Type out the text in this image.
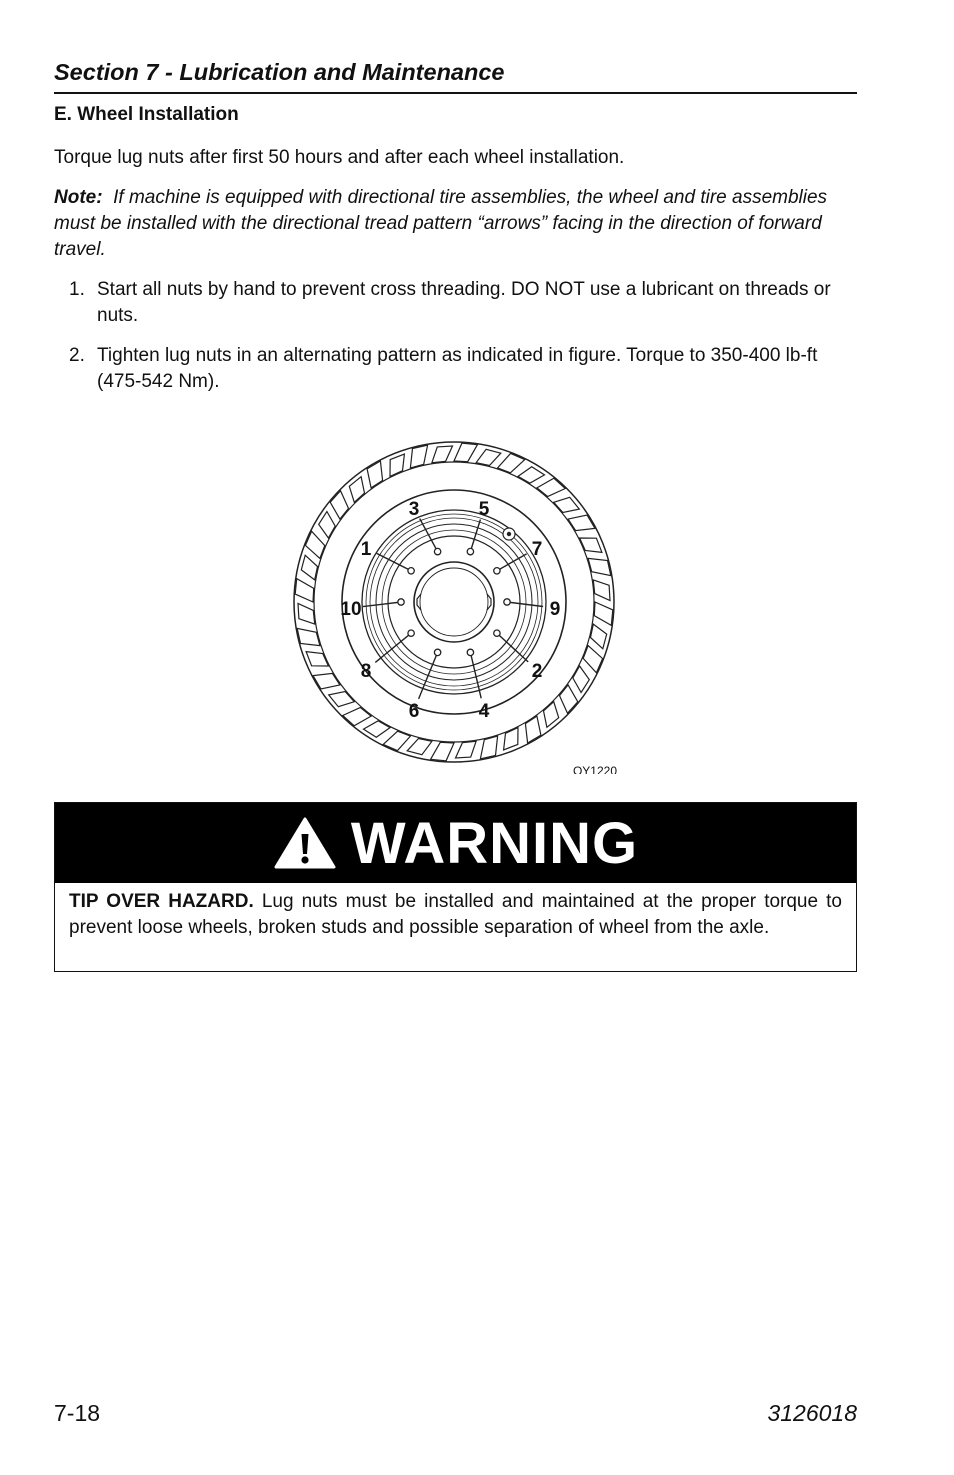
Section 7 - Lubrication and Maintenance
E. Wheel Installation
Torque lug nuts after first 50 hours and after each wheel installation.
Note: If machine is equipped with directional tire assemblies, the wheel and tire assemblies must be installed with the directional tread pattern “arrows” facing in the direction of forward travel.
1. Start all nuts by hand to prevent cross threading. DO NOT use a lubricant on threads or nuts.
2. Tighten lug nuts in an alternating pattern as indicated in figure. Torque to 350-400 lb-ft (475-542 Nm).
1
2
3
4
5
6
7
8
9
10
OY1220
WARNING
TIP OVER HAZARD. Lug nuts must be installed and maintained at the proper torque to prevent loose wheels, broken studs and possible separation of wheel from the axle.
7-18	3126018
